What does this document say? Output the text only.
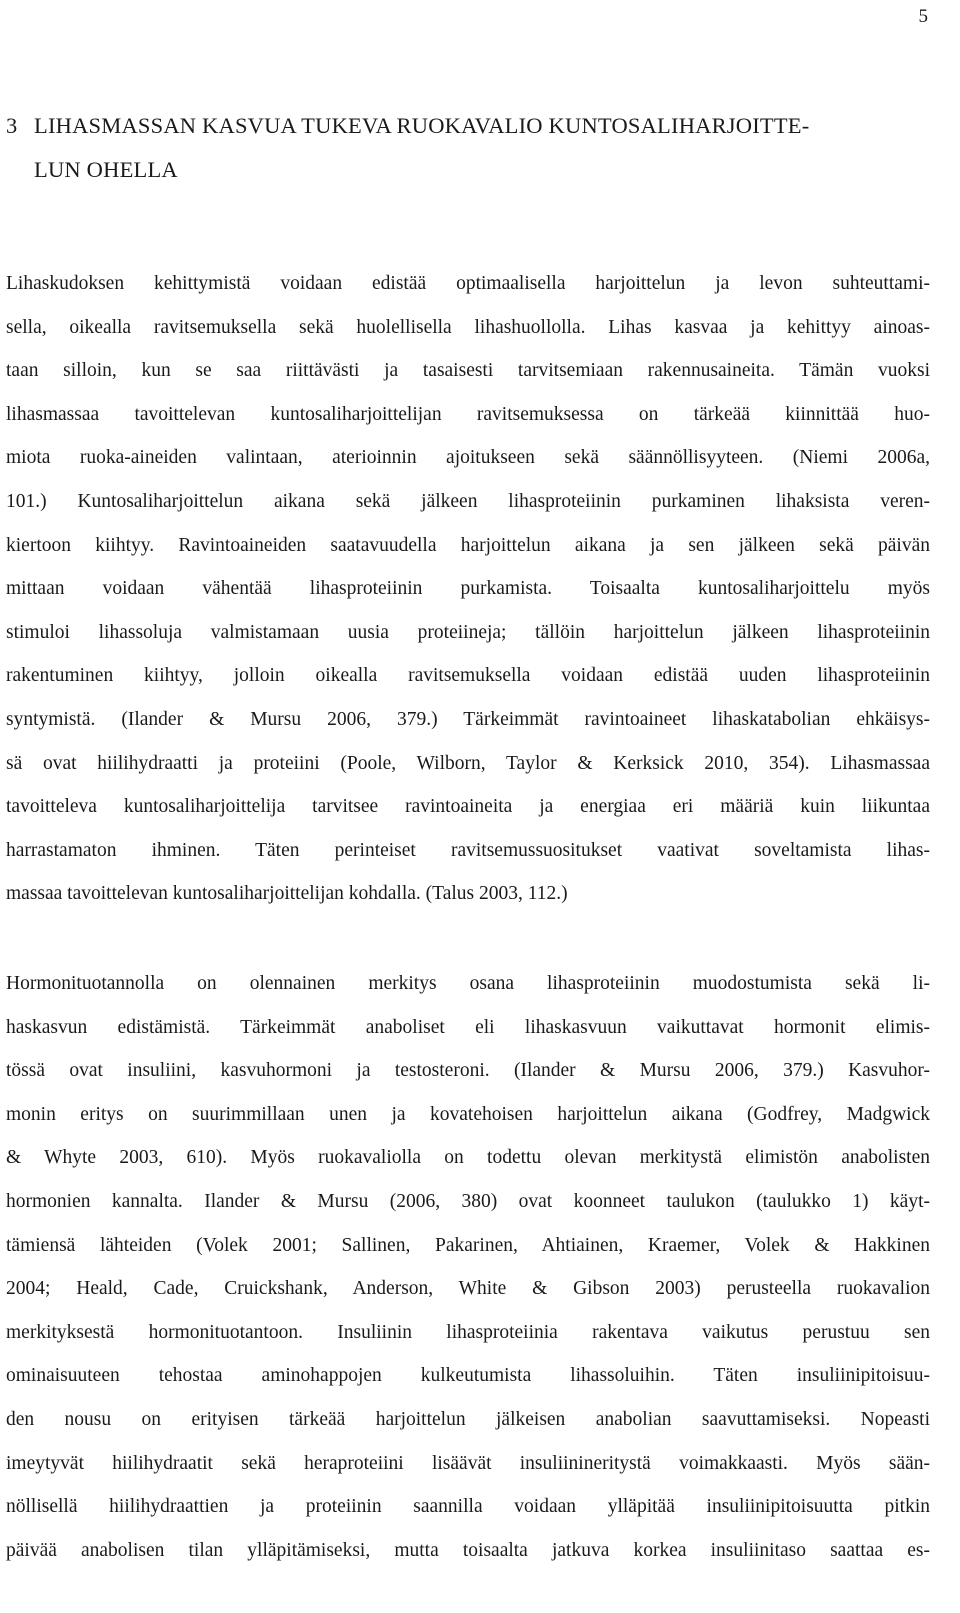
5
3 LIHASMASSAN KASVUA TUKEVA RUOKAVALIO KUNTOSALIHARJOITTE-
LUN OHELLA

Lihaskudoksen kehittymistä voidaan edistää optimaalisella harjoittelun ja levon suhteuttami-
sella, oikealla ravitsemuksella sekä huolellisella lihashuollolla. Lihas kasvaa ja kehittyy ainoas-
taan silloin, kun se saa riittävästi ja tasaisesti tarvitsemiaan rakennusaineita. Tämän vuoksi
lihasmassaa tavoittelevan kuntosaliharjoittelijan ravitsemuksessa on tärkeää kiinnittää huo-
miota ruoka-aineiden valintaan, aterioinnin ajoitukseen sekä säännöllisyyteen. (Niemi 2006a,
101.) Kuntosaliharjoittelun aikana sekä jälkeen lihasproteiinin purkaminen lihaksista veren-
kiertoon kiihtyy. Ravintoaineiden saatavuudella harjoittelun aikana ja sen jälkeen sekä päivän
mittaan voidaan vähentää lihasproteiinin purkamista. Toisaalta kuntosaliharjoittelu myös
stimuloi lihassoluja valmistamaan uusia proteiineja; tällöin harjoittelun jälkeen lihasproteiinin
rakentuminen kiihtyy, jolloin oikealla ravitsemuksella voidaan edistää uuden lihasproteiinin
syntymistä. (Ilander & Mursu 2006, 379.) Tärkeimmät ravintoaineet lihaskatabolian ehkäisys-
sä ovat hiilihydraatti ja proteiini (Poole, Wilborn, Taylor & Kerksick 2010, 354). Lihasmassaa
tavoitteleva kuntosaliharjoittelija tarvitsee ravintoaineita ja energiaa eri määriä kuin liikuntaa
harrastamaton ihminen. Täten perinteiset ravitsemussuositukset vaativat soveltamista lihas-
massaa tavoittelevan kuntosaliharjoittelijan kohdalla. (Talus 2003, 112.)

Hormonituotannolla on olennainen merkitys osana lihasproteiinin muodostumista sekä li-
haskasvun edistämistä. Tärkeimmät anaboliset eli lihaskasvuun vaikuttavat hormonit elimis-
tössä ovat insuliini, kasvuhormoni ja testosteroni. (Ilander & Mursu 2006, 379.) Kasvuhor-
monin eritys on suurimmillaan unen ja kovatehoisen harjoittelun aikana (Godfrey, Madgwick
& Whyte 2003, 610). Myös ruokavaliolla on todettu olevan merkitystä elimistön anabolisten
hormonien kannalta. Ilander & Mursu (2006, 380) ovat koonneet taulukon (taulukko 1) käyt-
tämiensä lähteiden (Volek 2001; Sallinen, Pakarinen, Ahtiainen, Kraemer, Volek & Hakkinen
2004; Heald, Cade, Cruickshank, Anderson, White & Gibson 2003) perusteella ruokavalion
merkityksestä hormonituotantoon. Insuliinin lihasproteiinia rakentava vaikutus perustuu sen
ominaisuuteen tehostaa aminohappojen kulkeutumista lihassoluihin. Täten insuliinipitoisuu-
den nousu on erityisen tärkeää harjoittelun jälkeisen anabolian saavuttamiseksi. Nopeasti
imeytyvät hiilihydraatit sekä heraproteiini lisäävät insuliinineritystä voimakkaasti. Myös sään-
nöllisellä hiilihydraattien ja proteiinin saannilla voidaan ylläpitää insuliinipitoisuutta pitkin
päivää anabolisen tilan ylläpitämiseksi, mutta toisaalta jatkuva korkea insuliinitaso saattaa es-
